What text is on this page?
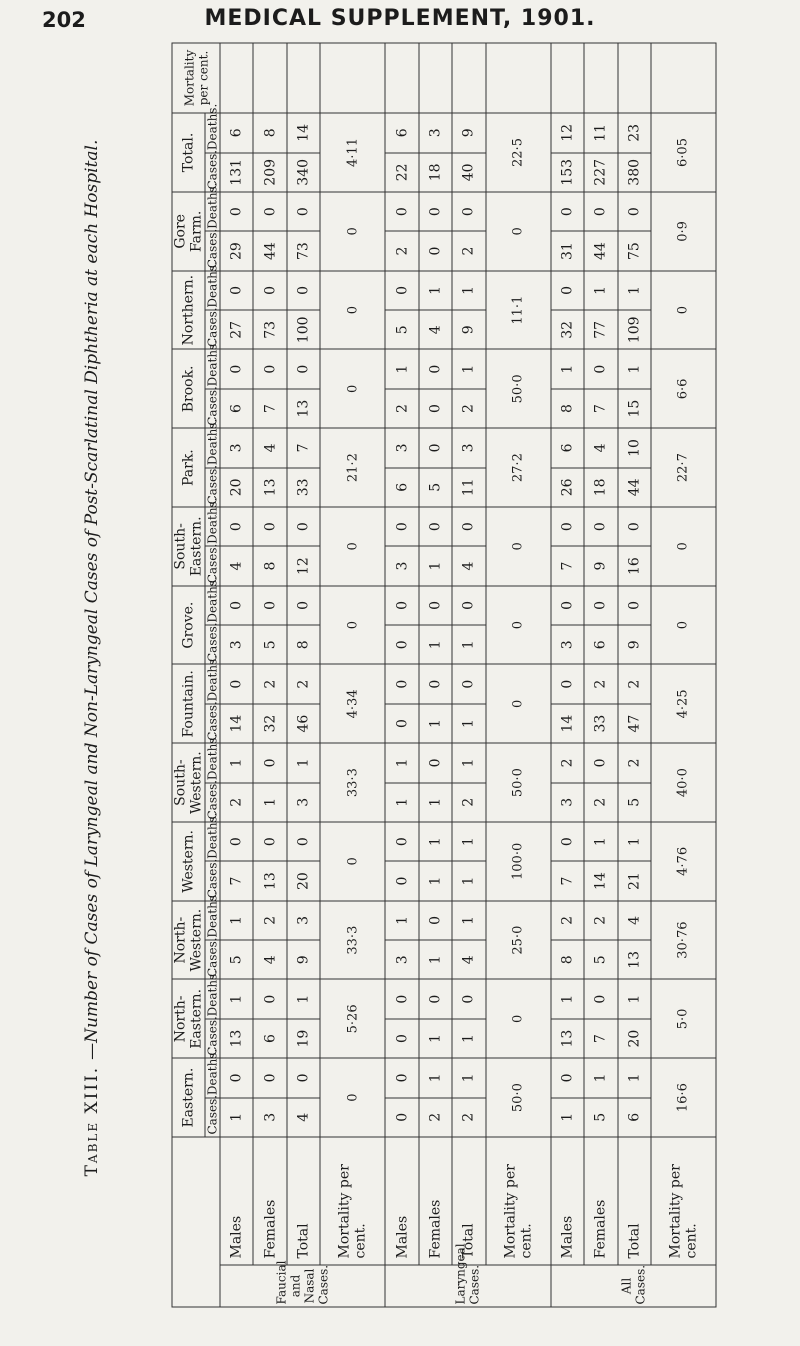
202	MEDICAL SUPPLEMENT, 1901.
Table XIII.
—Number of Cases of Laryngeal and Non-Laryngeal Cases of Post-Scarlatinal Diphtheria at each Hospital.
		Eastern.		North-Eastern.		North-Western.		Western.		South-Western.		Fountain.		Grove.		South-Eastern.		Park.		Brook.		Northern.		Gore Farm.		Total.		Mortality per cent.
		Cases.	Deaths.	Cases.	Deaths.	Cases.	Deaths.	Cases.	Deaths.	Cases.	Deaths.	Cases.	Deaths.	Cases.	Deaths.	Cases.	Deaths.	Cases.	Deaths.	Cases.	Deaths.	Cases.	Deaths.	Cases.	Deaths.	Cases.	Deaths.	
Faucial and Nasal Cases.	Males	1	0	13	1	5	1	7	0	2	1	14	0	3	0	4	0	20	3	6	0	27	0	29	0	131	6	
	Females	3	0	6	0	4	2	13	0	1	0	32	2	5	0	8	0	13	4	7	0	73	0	44	0	209	8	
	Total	4	0	19	1	9	3	20	0	3	1	46	2	8	0	12	0	33	7	13	0	100	0	73	0	340	14	
	Mortality per cent.	0		5·26		33·3		0		33·3		4·34		0		0		21·2		0		0		0		4·11		
Laryngeal Cases.	Males	0	0	0	0	3	1	0	0	1	1	0	0	0	0	3	0	6	3	2	1	5	0	2	0	22	6	
	Females	2	1	1	0	1	0	1	1	1	0	1	0	1	0	1	0	5	0	0	0	4	1	0	0	18	3	
	Total	2	1	1	0	4	1	1	1	2	1	1	0	1	0	4	0	11	3	2	1	9	1	2	0	40	9	
	Mortality per cent.	50·0		0		25·0		100·0		50·0		0		0		0		27·2		50·0		11·1		0		22·5		
All Cases.	Males	1	0	13	1	8	2	7	0	3	2	14	0	3	0	7	0	26	6	8	1	32	0	31	0	153	12	
	Females	5	1	7	0	5	2	14	1	2	0	33	2	6	0	9	0	18	4	7	0	77	1	44	0	227	11	
	Total	6	1	20	1	13	4	21	1	5	2	47	2	9	0	16	0	44	10	15	1	109	1	75	0	380	23	
	Mortality per cent.	16·6		5·0		30·76		4·76		40·0		4·25		0		0		22·7		6·6		0		0·9		6·05		
